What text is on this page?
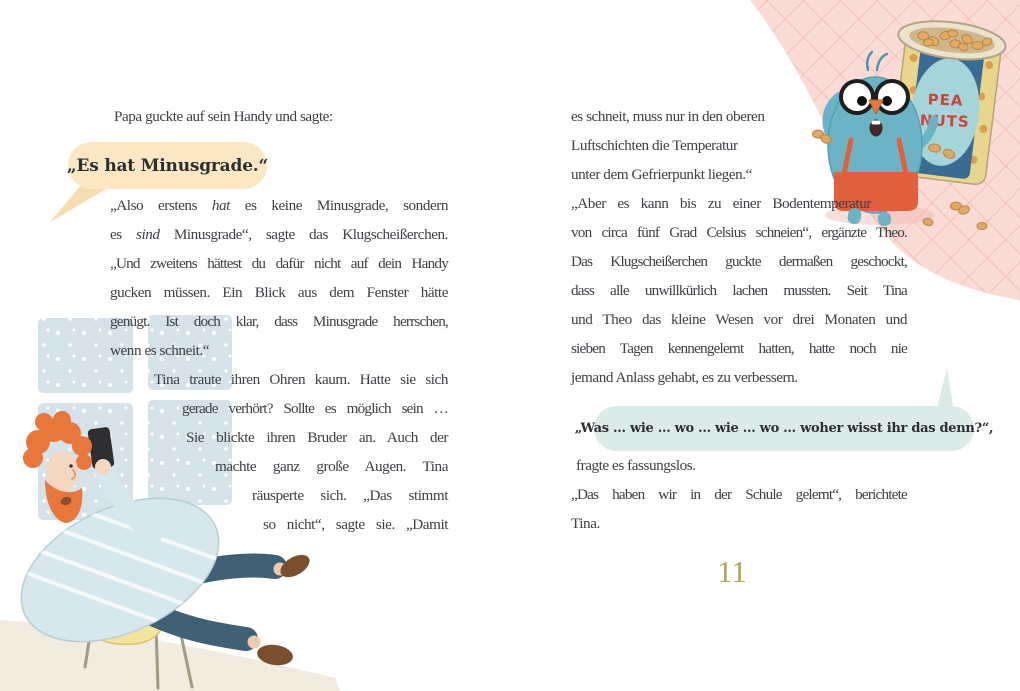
PEA
NUTS
„Es hat Minusgrade.“
„Was … wie … wo … wie … wo … woher wisst ihr das denn?“,
Papa guckte auf sein Handy und sagte:
„Also erstens hat es keine Minusgrade, sondern
es sind Minusgrade“, sagte das Klugscheißerchen.
„Und zweitens hättest du dafür nicht auf dein Handy
gucken müssen. Ein Blick aus dem Fenster hätte
genügt. Ist doch klar, dass Minusgrade herrschen,
wenn es schneit.“
Tina traute ihren Ohren kaum. Hatte sie sich
gerade verhört? Sollte es möglich sein …
Sie blickte ihren Bruder an. Auch der
machte ganz große Augen. Tina
räusperte sich. „Das stimmt
so nicht“, sagte sie. „Damit
es schneit, muss nur in den oberen
Luftschichten die Temperatur
unter dem Gefrierpunkt liegen.“
„Aber es kann bis zu einer Bodentemperatur
von circa fünf Grad Celsius schneien“, ergänzte Theo.
Das Klugscheißerchen guckte dermaßen geschockt,
dass alle unwillkürlich lachen mussten. Seit Tina
und Theo das kleine Wesen vor drei Monaten und
sieben Tagen kennengelernt hatten, hatte noch nie
jemand Anlass gehabt, es zu verbessern.
fragte es fassungslos.
„Das haben wir in der Schule gelernt“, berichtete
Tina.
11
